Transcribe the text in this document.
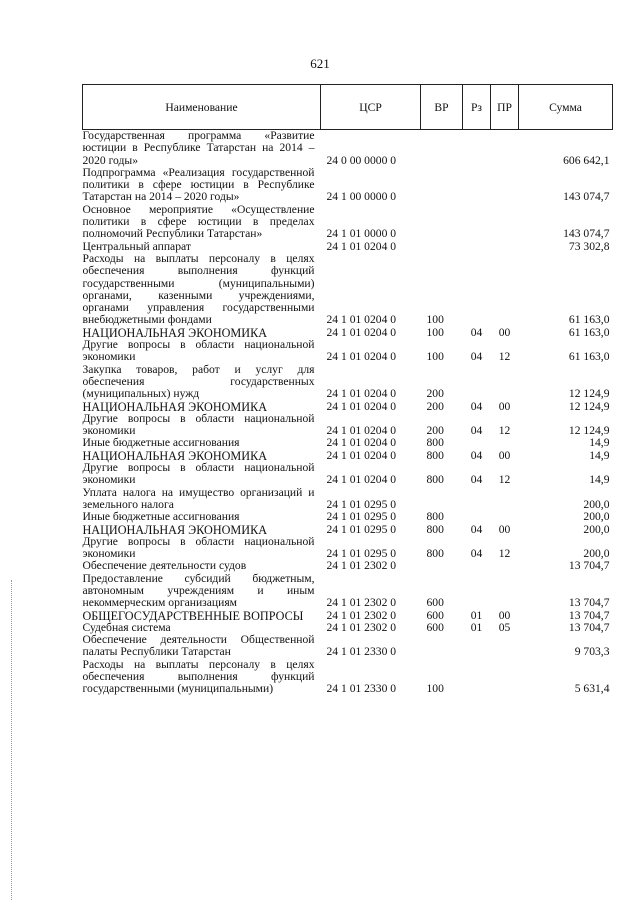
621
Наименование	ЦСР	ВР	Рз	ПР	Сумма
Государственная программа «Развитие юстиции в Республике Татарстан на 2014 – 2020 годы»	24 0 00 0000 0				606 642,1
Подпрограмма «Реализация государственной политики в сфере юстиции в Республике Татарстан на 2014 – 2020 годы»	24 1 00 0000 0				143 074,7
Основное мероприятие «Осуществление политики в сфере юстиции в пределах полномочий Республики Татарстан»	24 1 01 0000 0				143 074,7
Центральный аппарат	24 1 01 0204 0				73 302,8
Расходы на выплаты персоналу в целях обеспечения выполнения функций государственными (муниципальными) органами, казенными учреждениями, органами управления государственными внебюджетными фондами	24 1 01 0204 0	100			61 163,0
НАЦИОНАЛЬНАЯ ЭКОНОМИКА	24 1 01 0204 0	100	04	00	61 163,0
Другие вопросы в области национальной экономики	24 1 01 0204 0	100	04	12	61 163,0
Закупка товаров, работ и услуг для обеспечения государственных (муниципальных) нужд	24 1 01 0204 0	200			12 124,9
НАЦИОНАЛЬНАЯ ЭКОНОМИКА	24 1 01 0204 0	200	04	00	12 124,9
Другие вопросы в области национальной экономики	24 1 01 0204 0	200	04	12	12 124,9
Иные бюджетные ассигнования	24 1 01 0204 0	800			14,9
НАЦИОНАЛЬНАЯ ЭКОНОМИКА	24 1 01 0204 0	800	04	00	14,9
Другие вопросы в области национальной экономики	24 1 01 0204 0	800	04	12	14,9
Уплата налога на имущество организаций и земельного налога	24 1 01 0295 0				200,0
Иные бюджетные ассигнования	24 1 01 0295 0	800			200,0
НАЦИОНАЛЬНАЯ ЭКОНОМИКА	24 1 01 0295 0	800	04	00	200,0
Другие вопросы в области национальной экономики	24 1 01 0295 0	800	04	12	200,0
Обеспечение деятельности судов	24 1 01 2302 0				13 704,7
Предоставление субсидий бюджетным, автономным учреждениям и иным некоммерческим организациям	24 1 01 2302 0	600			13 704,7
ОБЩЕГОСУДАРСТВЕННЫЕ ВОПРОСЫ	24 1 01 2302 0	600	01	00	13 704,7
Судебная система	24 1 01 2302 0	600	01	05	13 704,7
Обеспечение деятельности Общественной палаты Республики Татарстан	24 1 01 2330 0				9 703,3
Расходы на выплаты персоналу в целях обеспечения выполнения функций государственными (муниципальными)	24 1 01 2330 0	100			5 631,4
